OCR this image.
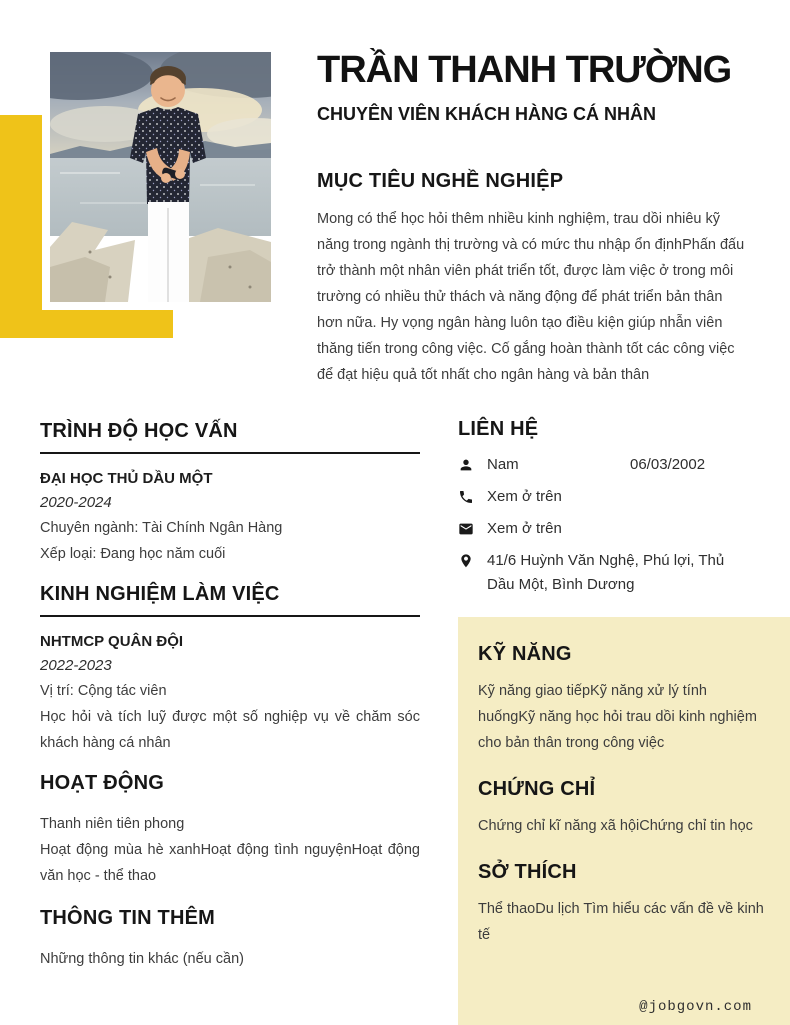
TRẦN THANH TRƯỜNG
CHUYÊN VIÊN KHÁCH HÀNG CÁ NHÂN
MỤC TIÊU NGHỀ NGHIỆP

Mong có thể học hỏi thêm nhiều kinh nghiệm, trau dồi nhiêu kỹ năng trong ngành thị trường và có mức thu nhập ổn địnhPhấn đấu trở thành một nhân viên phát triển tốt, được làm việc ở trong môi trường có nhiều thử thách và năng động để phát triển bản thân hơn nữa. Hy vọng ngân hàng luôn tạo điều kiện giúp nhẫn viên thăng tiến trong công việc. Cố gắng hoàn thành tốt các công việc để đạt hiệu quả tốt nhất cho ngân hàng và bản thân

TRÌNH ĐỘ HỌC VẤN

ĐẠI HỌC THỦ DẦU MỘT

2020-2024

Chuyên ngành: Tài Chính Ngân Hàng

Xếp loại: Đang học năm cuối

KINH NGHIỆM LÀM VIỆC

NHTMCP QUÂN ĐỘI

2022-2023

Vị trí: Cộng tác viên

Học hỏi và tích luỹ được một số nghiệp vụ về chăm sóc khách hàng cá nhân

HOẠT ĐỘNG

Thanh niên tiên phong

Hoạt động mùa hè xanhHoạt động tình nguyệnHoạt động văn học - thể thao

THÔNG TIN THÊM

Những thông tin khác (nếu cần)

LIÊN HỆ
Nam	06/03/2002
Xem ở trên
Xem ở trên
41/6 Huỳnh Văn Nghệ, Phú lợi, Thủ Dầu Một, Bình Dương
KỸ NĂNG

Kỹ năng giao tiếpKỹ năng xử lý tính huốngKỹ năng học hỏi trau dồi kinh nghiệm cho bản thân trong công việc

CHỨNG CHỈ

Chứng chỉ kĩ năng xã hộiChứng chỉ tin học

SỞ THÍCH

Thể thaoDu lịch Tìm hiểu các vấn đề về kinh tế

@jobgovn.com
